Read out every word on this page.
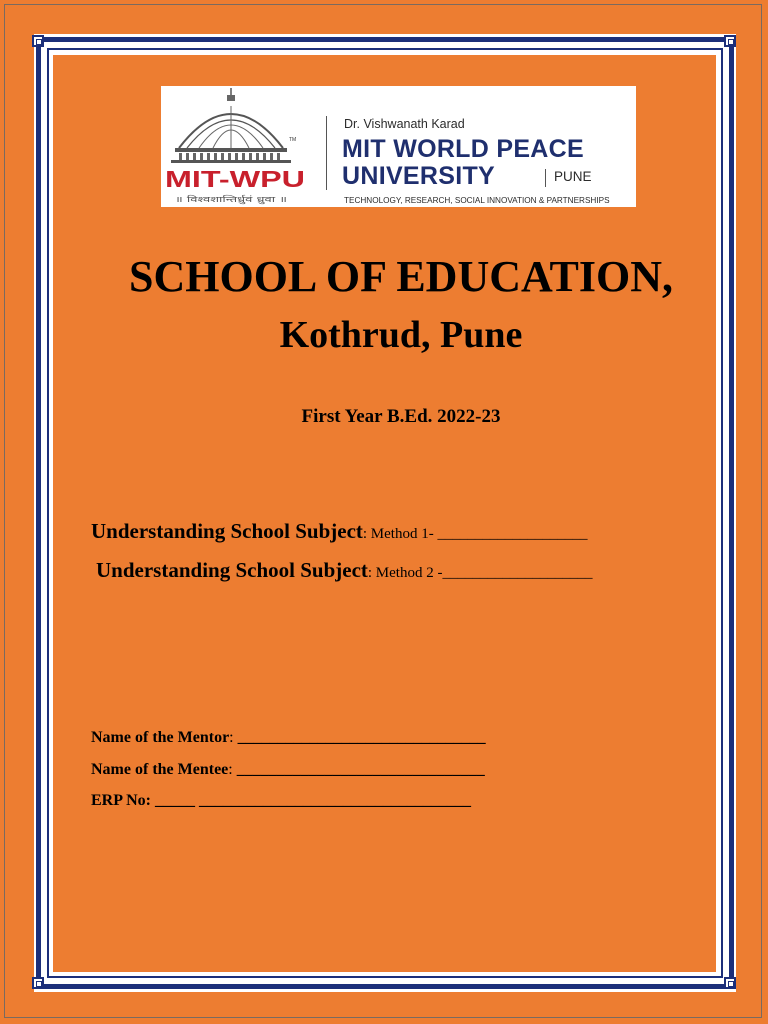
TM
MIT-WPU
॥ विश्वशान्तिर्ध्रुवं ध्रुवा ॥
Dr. Vishwanath Karad
MIT WORLD PEACE
UNIVERSITY	PUNE
TECHNOLOGY, RESEARCH, SOCIAL INNOVATION & PARTNERSHIPS
SCHOOL OF EDUCATION,
Kothrud, Pune
First Year B.Ed. 2022-23
Understanding School Subject: Method 1- ____________________
Understanding School Subject: Method 2 -____________________
Name of the Mentor: _______________________________
Name of the Mentee: _______________________________
ERP No: _____ __________________________________
